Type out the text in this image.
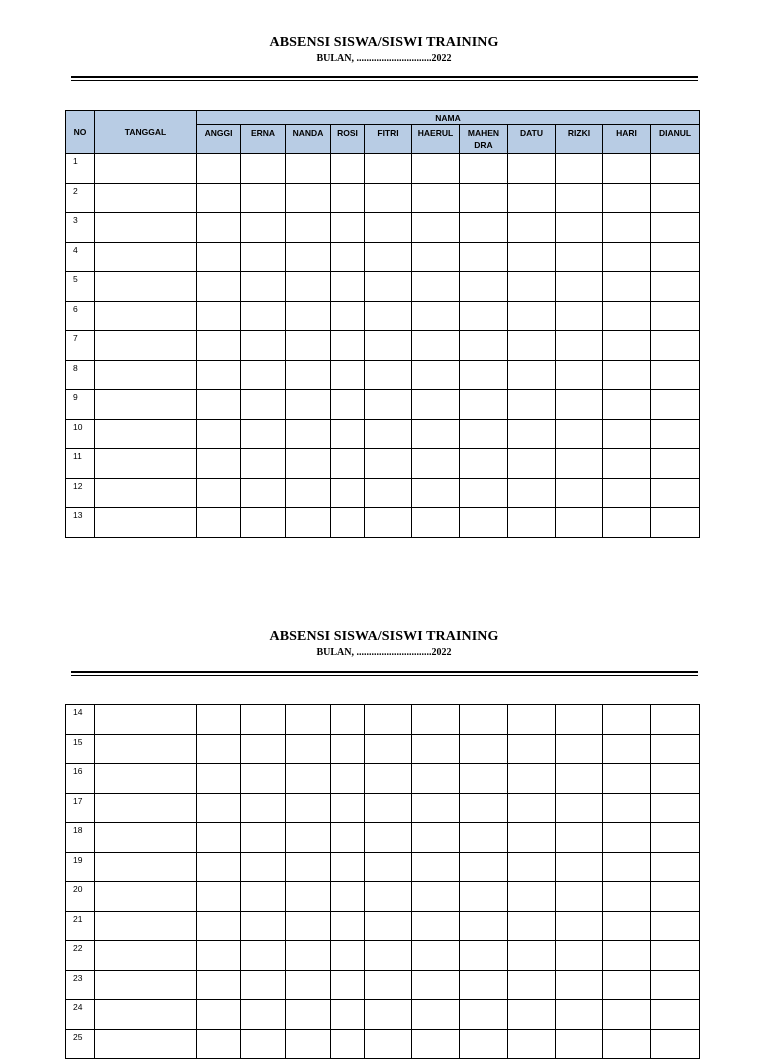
ABSENSI SISWA/SISWI TRAINING
BULAN, ..............................2022
NO	TANGGAL	NAMA										
		ANGGI	ERNA	NANDA	ROSI	FITRI	HAERUL	MAHEN DRA	DATU	RIZKI	HARI	DIANUL
1												
2												
3												
4												
5												
6												
7												
8												
9												
10												
11												
12												
13												
ABSENSI SISWA/SISWI TRAINING
BULAN, ..............................2022
14												
15												
16												
17												
18												
19												
20												
21												
22												
23												
24												
25												
